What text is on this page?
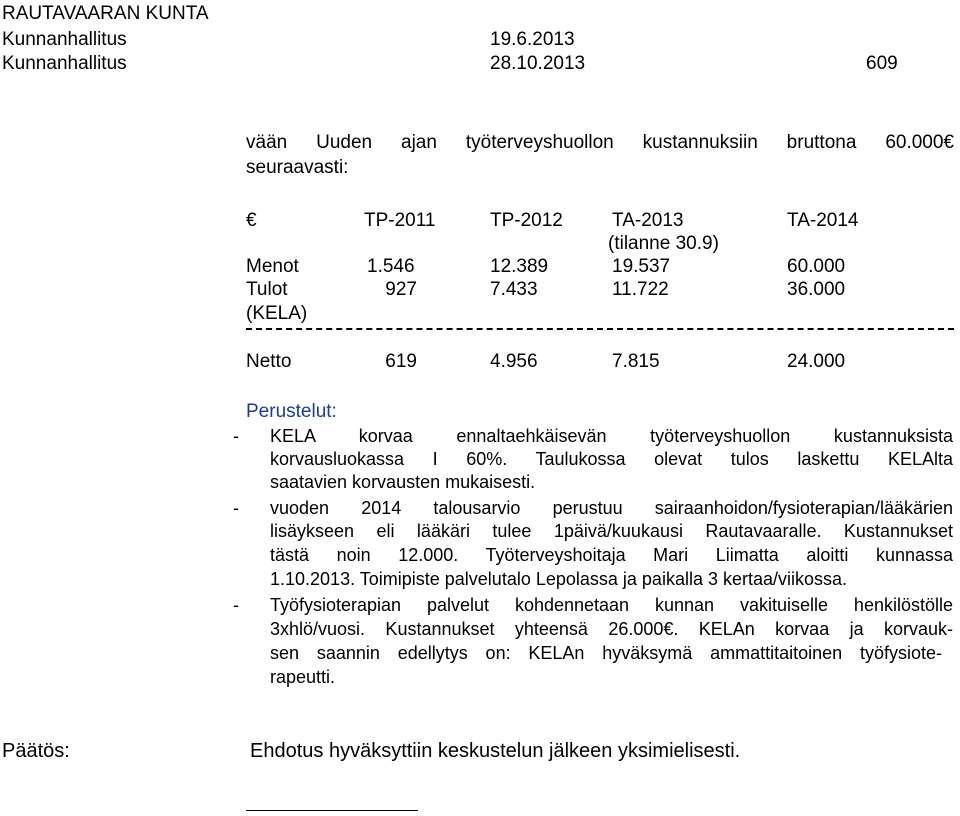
RAUTAVAARAN KUNTA
Kunnanhallitus	19.6.2013
Kunnanhallitus	28.10.2013	609
vään Uuden ajan työterveyshuollon kustannuksiin bruttona 60.000€
seuraavasti:
€	TP-2011	TP-2012	TA-2013	TA-2014
(tilanne 30.9)
Menot	1.546	12.389	19.537	60.000
Tulot	927	7.433	11.722	36.000
(KELA)
Netto	619	4.956	7.815	24.000
Perustelut:
- KELA korvaa ennaltaehkäisevän työterveyshuollon kustannuksista
korvausluokassa I 60%. Taulukossa olevat tulos laskettu KELAlta
saatavien korvausten mukaisesti.
- vuoden 2014 talousarvio perustuu sairaanhoidon/fysioterapian/lääkärien
lisäykseen eli lääkäri tulee 1päivä/kuukausi Rautavaaralle. Kustannukset
tästä noin 12.000. Työterveyshoitaja Mari Liimatta aloitti kunnassa
1.10.2013. Toimipiste palvelutalo Lepolassa ja paikalla 3 kertaa/viikossa.
- Työfysioterapian palvelut kohdennetaan kunnan vakituiselle henkilöstölle
3xhlö/vuosi. Kustannukset yhteensä 26.000€. KELAn korvaa ja korvauk-
sen saannin edellytys on: KELAn hyväksymä ammattitaitoinen työfysiote-
rapeutti.
Päätös:	Ehdotus hyväksyttiin keskustelun jälkeen yksimielisesti.
